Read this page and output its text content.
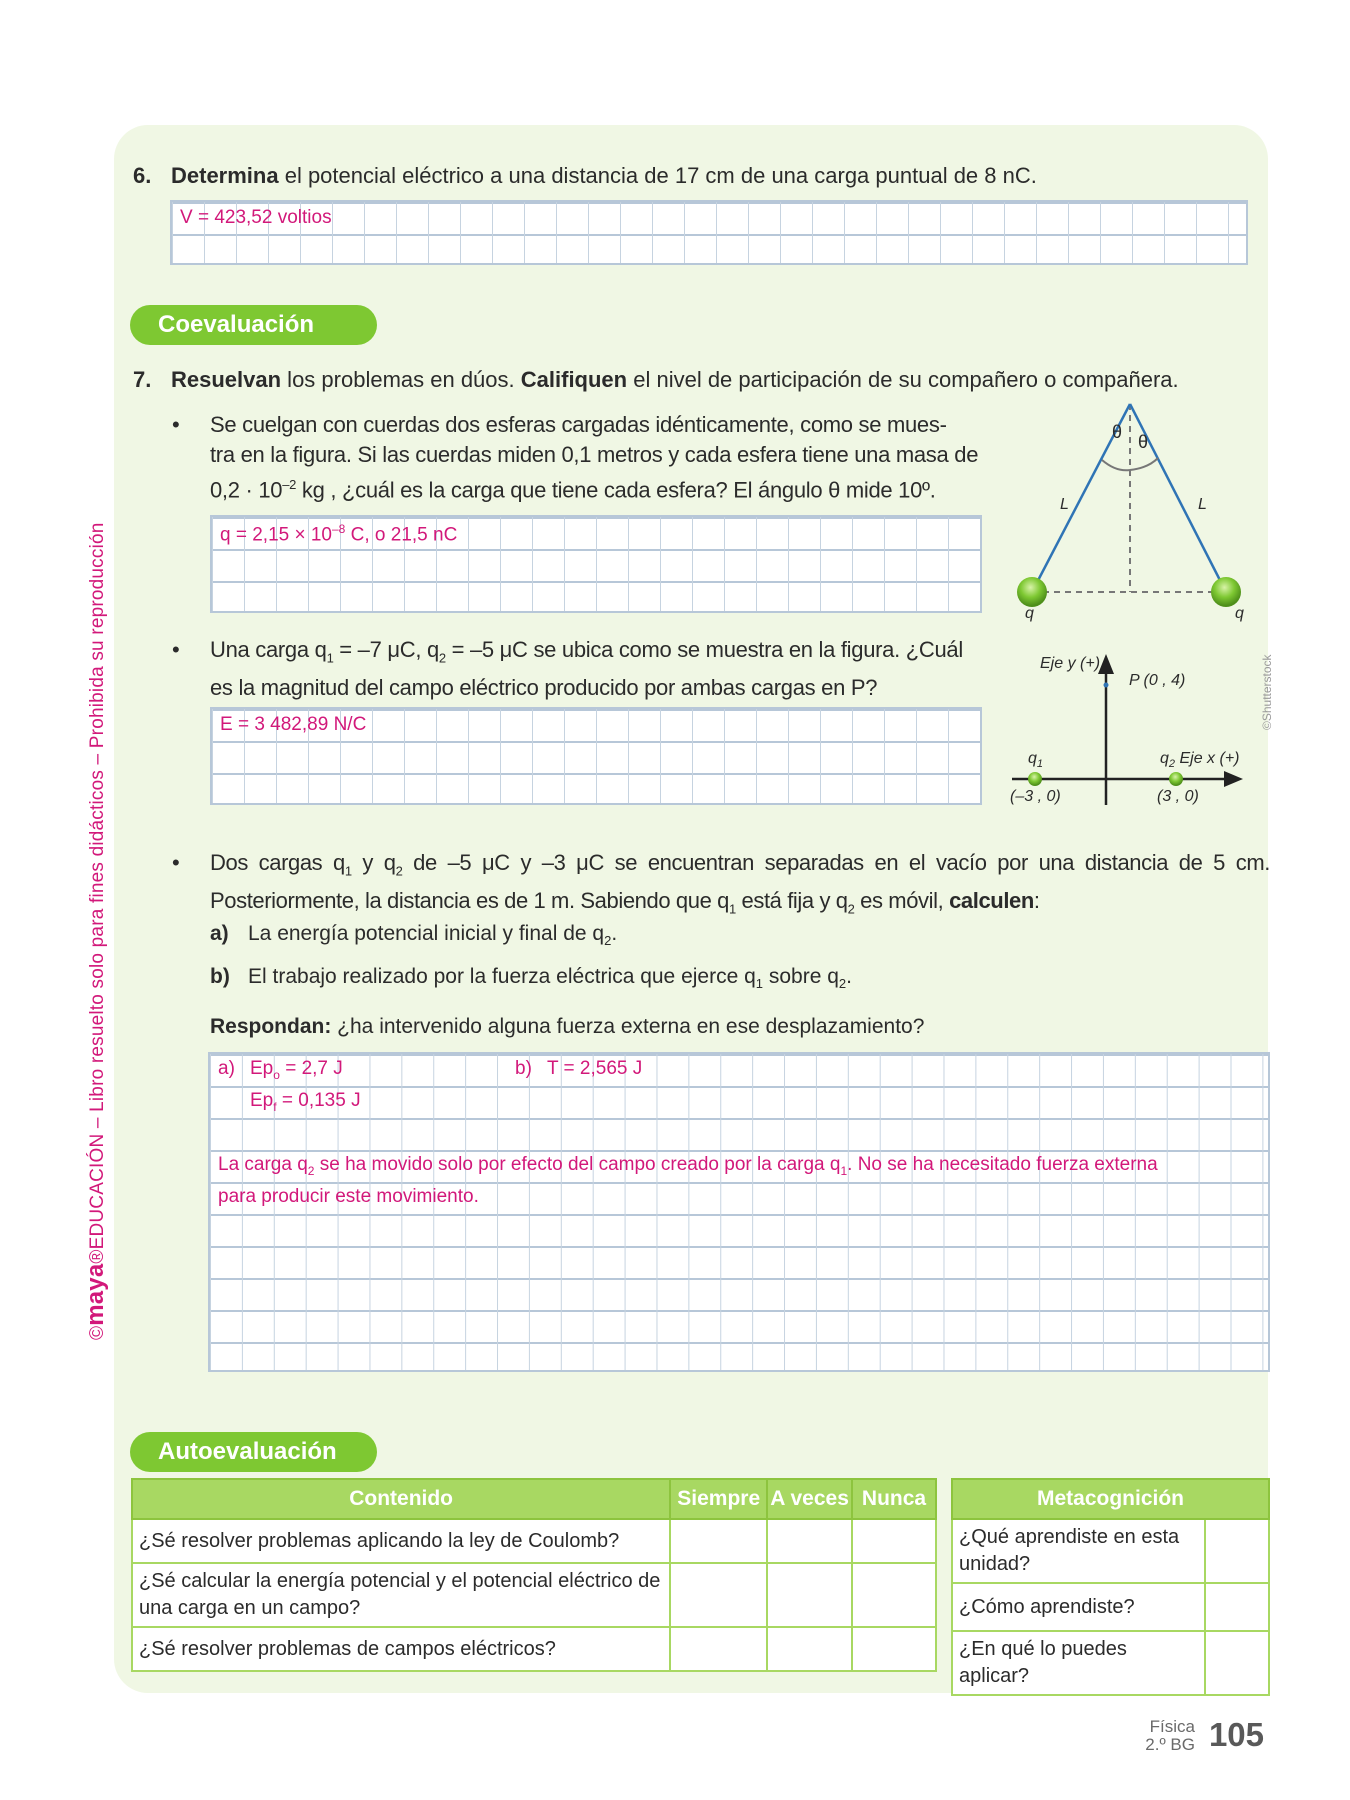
©maya®EDUCACIÓN – Libro resuelto solo para fines didácticos – Prohibida su reproducción
6. Determina el potencial eléctrico a una distancia de 17 cm de una carga puntual de 8 nC.
V = 423,52 voltios
Coevaluación
7. Resuelvan los problemas en dúos. Califiquen el nivel de participación de su compañero o compañera.
• Se cuelgan con cuerdas dos esferas cargadas idénticamente, como se mues-
tra en la figura. Si las cuerdas miden 0,1 metros y cada esfera tiene una masa de
$0,2 \cdot 10^{-2}$ kg , ¿cuál es la carga que tiene cada esfera? El ángulo θ mide 10º.
$q = 2,15 \times 10^{-8}$ C, o 21,5 nC
θ θ
L	L
q	q
• Una carga $q_1 = -7$ μC, $q_2 = -5$ μC se ubica como se muestra en la figura. ¿Cuál
es la magnitud del campo eléctrico producido por ambas cargas en P?
E = 3 482,89 N/C
Eje y (+)
P (0 , 4)
$q_1$	$q_2$ Eje x (+)
(–3 , 0)	(3 , 0)
©Shutterstock
• Dos cargas $q_1$ y $q_2$ de –5 μC y –3 μC se encuentran separadas en el vacío por una distancia de 5 cm.
Posteriormente, la distancia es de 1 m. Sabiendo que $q_1$ está fija y $q_2$ es móvil, calculen:
a) La energía potencial inicial y final de $q_2$.
b) El trabajo realizado por la fuerza eléctrica que ejerce $q_1$ sobre $q_2$.
Respondan: ¿ha intervenido alguna fuerza externa en ese desplazamiento?
a) $Ep_o = 2,7$ J
$Ep_f = 0,135$ J
b) T = 2,565 J
La carga $q_2$ se ha movido solo por efecto del campo creado por la carga $q_1$. No se ha necesitado fuerza externa
para producir este movimiento.
Autoevaluación
Contenido	Siempre	A veces	Nunca
¿Sé resolver problemas aplicando la ley de Coulomb?			
¿Sé calcular la energía potencial y el potencial eléctrico de una carga en un campo?			
¿Sé resolver problemas de campos eléctricos?			
Metacognición	
¿Qué aprendiste en esta unidad?	
¿Cómo aprendiste?	
¿En qué lo puedes aplicar?	
Física
2.º BG 105
